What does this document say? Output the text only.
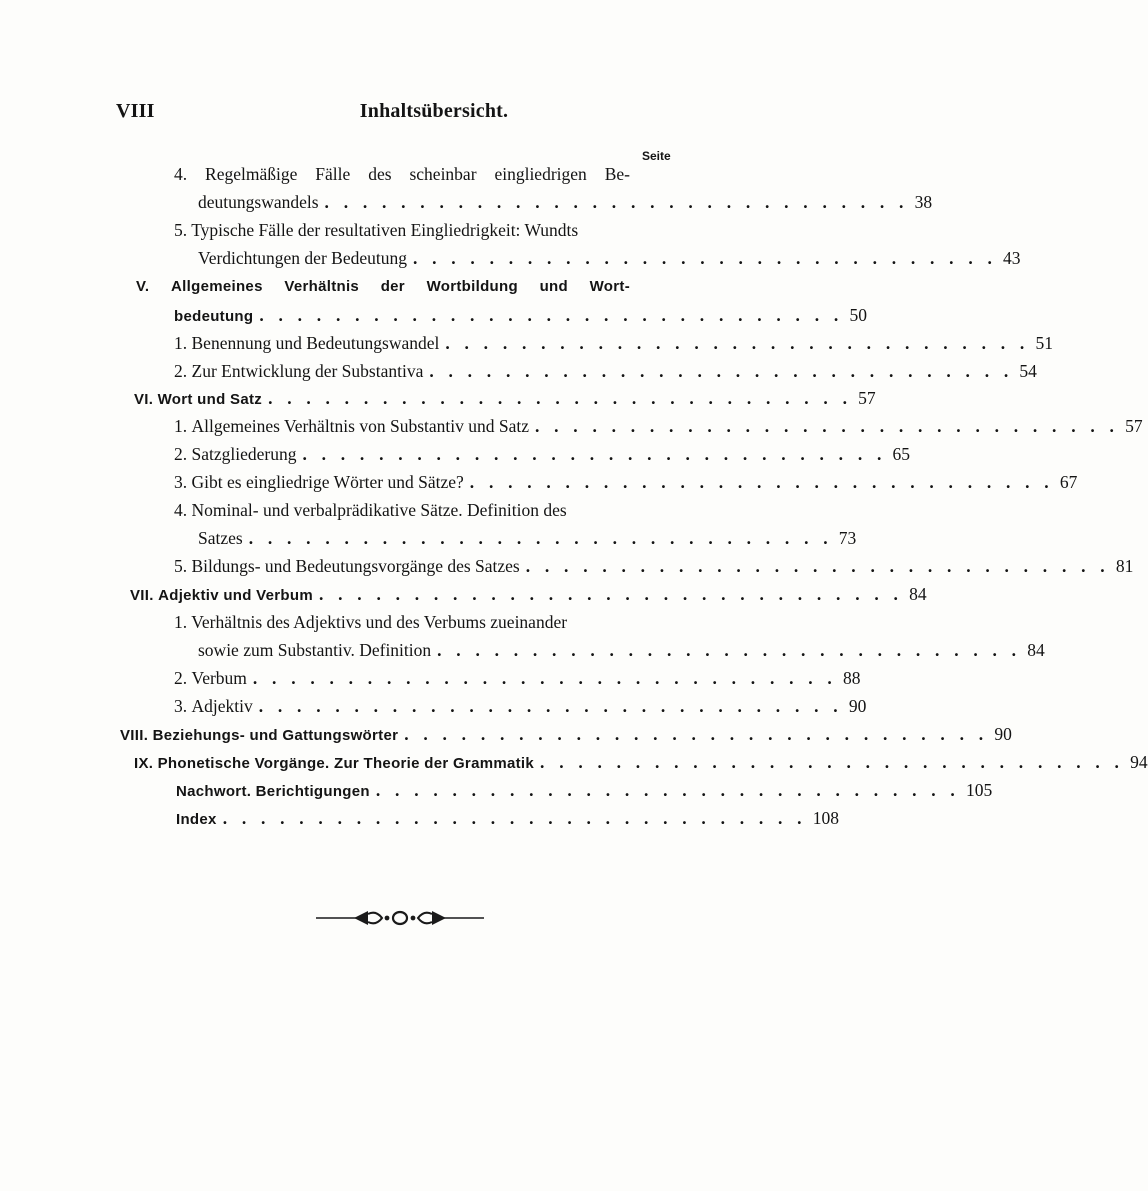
VIII	Inhaltsübersicht.
Seite
4. Regelmäßige Fälle des scheinbar eingliedrigen Be-
deutungswandels . . . . . . . . . . . . . . . . . . . . . . . . . . . . . . . 38
5. Typische Fälle der resultativen Eingliedrigkeit: Wundts
Verdichtungen der Bedeutung . . . . . . . . . . . . . . . . . . . . . . . . . . . . . . . 43
V. Allgemeines Verhältnis der Wortbildung und Wort-
bedeutung . . . . . . . . . . . . . . . . . . . . . . . . . . . . . . . 50
1.
Benennung und Bedeutungswandel . . . . . . . . . . . . . . . . . . . . . . . . . . . . . . . 51
2.
Zur Entwicklung der Substantiva . . . . . . . . . . . . . . . . . . . . . . . . . . . . . . . 54
VI.
Wort und Satz . . . . . . . . . . . . . . . . . . . . . . . . . . . . . . . 57
1.
Allgemeines Verhältnis von Substantiv und Satz . . . . . . . . . . . . . . . . . . . . . . . . . . . . . . . 57
2.
Satzgliederung . . . . . . . . . . . . . . . . . . . . . . . . . . . . . . . 65
3.
Gibt es eingliedrige Wörter und Sätze? . . . . . . . . . . . . . . . . . . . . . . . . . . . . . . . 67
4. Nominal- und verbalprädikative Sätze. Definition des
Satzes . . . . . . . . . . . . . . . . . . . . . . . . . . . . . . . 73
5.
Bildungs- und Bedeutungsvorgänge des Satzes . . . . . . . . . . . . . . . . . . . . . . . . . . . . . . . 81
VII.
Adjektiv und Verbum . . . . . . . . . . . . . . . . . . . . . . . . . . . . . . . 84
1. Verhältnis des Adjektivs und des Verbums zueinander
sowie zum Substantiv. Definition . . . . . . . . . . . . . . . . . . . . . . . . . . . . . . . 84
2.
Verbum . . . . . . . . . . . . . . . . . . . . . . . . . . . . . . . 88
3.
Adjektiv . . . . . . . . . . . . . . . . . . . . . . . . . . . . . . . 90
VIII.
Beziehungs- und Gattungswörter . . . . . . . . . . . . . . . . . . . . . . . . . . . . . . . 90
IX.
Phonetische Vorgänge. Zur Theorie der Grammatik . . . . . . . . . . . . . . . . . . . . . . . . . . . . . . . 94
Nachwort. Berichtigungen . . . . . . . . . . . . . . . . . . . . . . . . . . . . . . . 105
Index . . . . . . . . . . . . . . . . . . . . . . . . . . . . . . . 108
